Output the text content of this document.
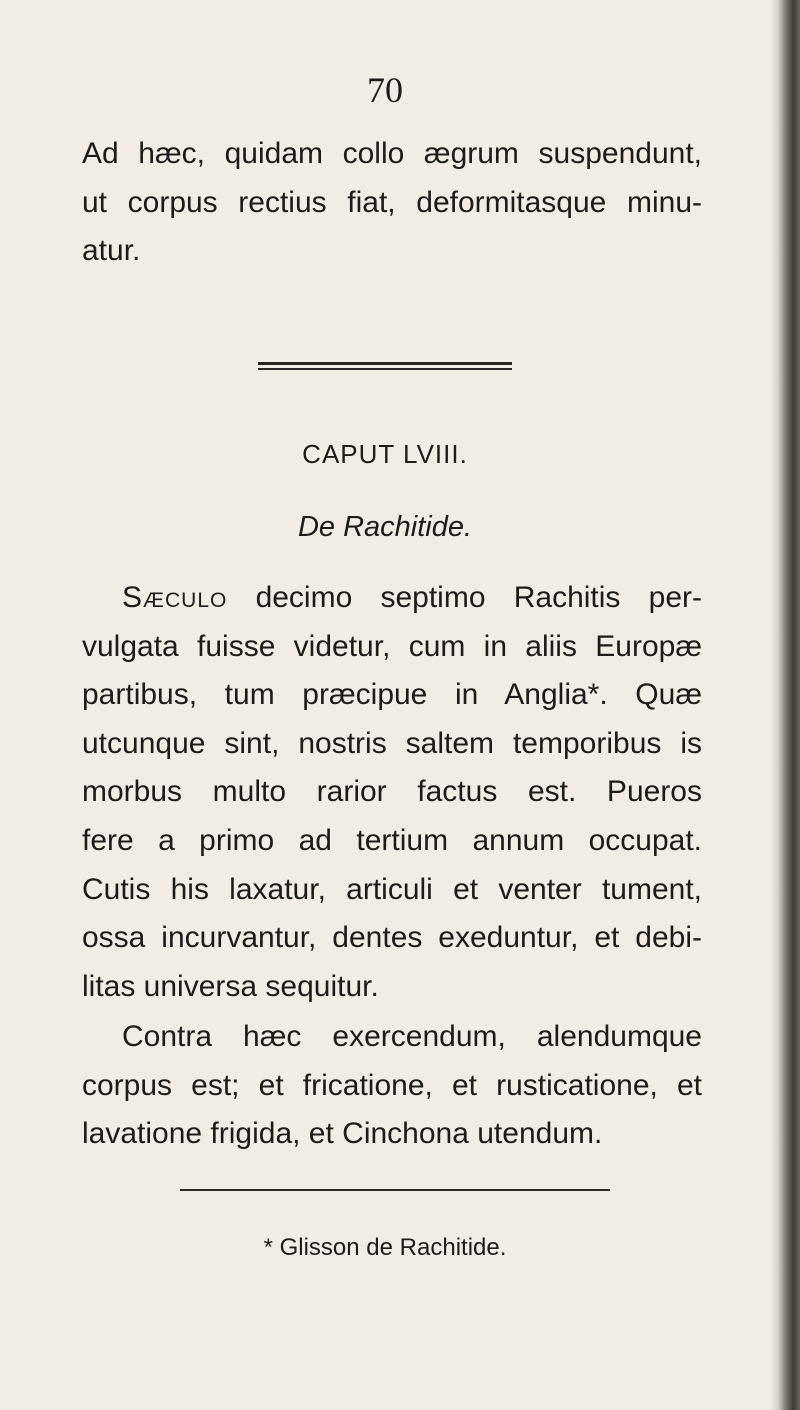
70
Ad hæc, quidam collo ægrum suspendunt,
ut corpus rectius fiat, deformitasque minu-
atur.
CAPUT LVIII.
De Rachitide.
Sæculo decimo septimo Rachitis per-
vulgata fuisse videtur, cum in aliis Europæ
partibus, tum præcipue in Anglia*. Quæ
utcunque sint, nostris saltem temporibus is
morbus multo rarior factus est. Pueros
fere a primo ad tertium annum occupat.
Cutis his laxatur, articuli et venter tument,
ossa incurvantur, dentes exeduntur, et debi-
litas universa sequitur.
Contra hæc exercendum, alendumque
corpus est; et fricatione, et rusticatione, et
lavatione frigida, et Cinchona utendum.
* Glisson de Rachitide.
